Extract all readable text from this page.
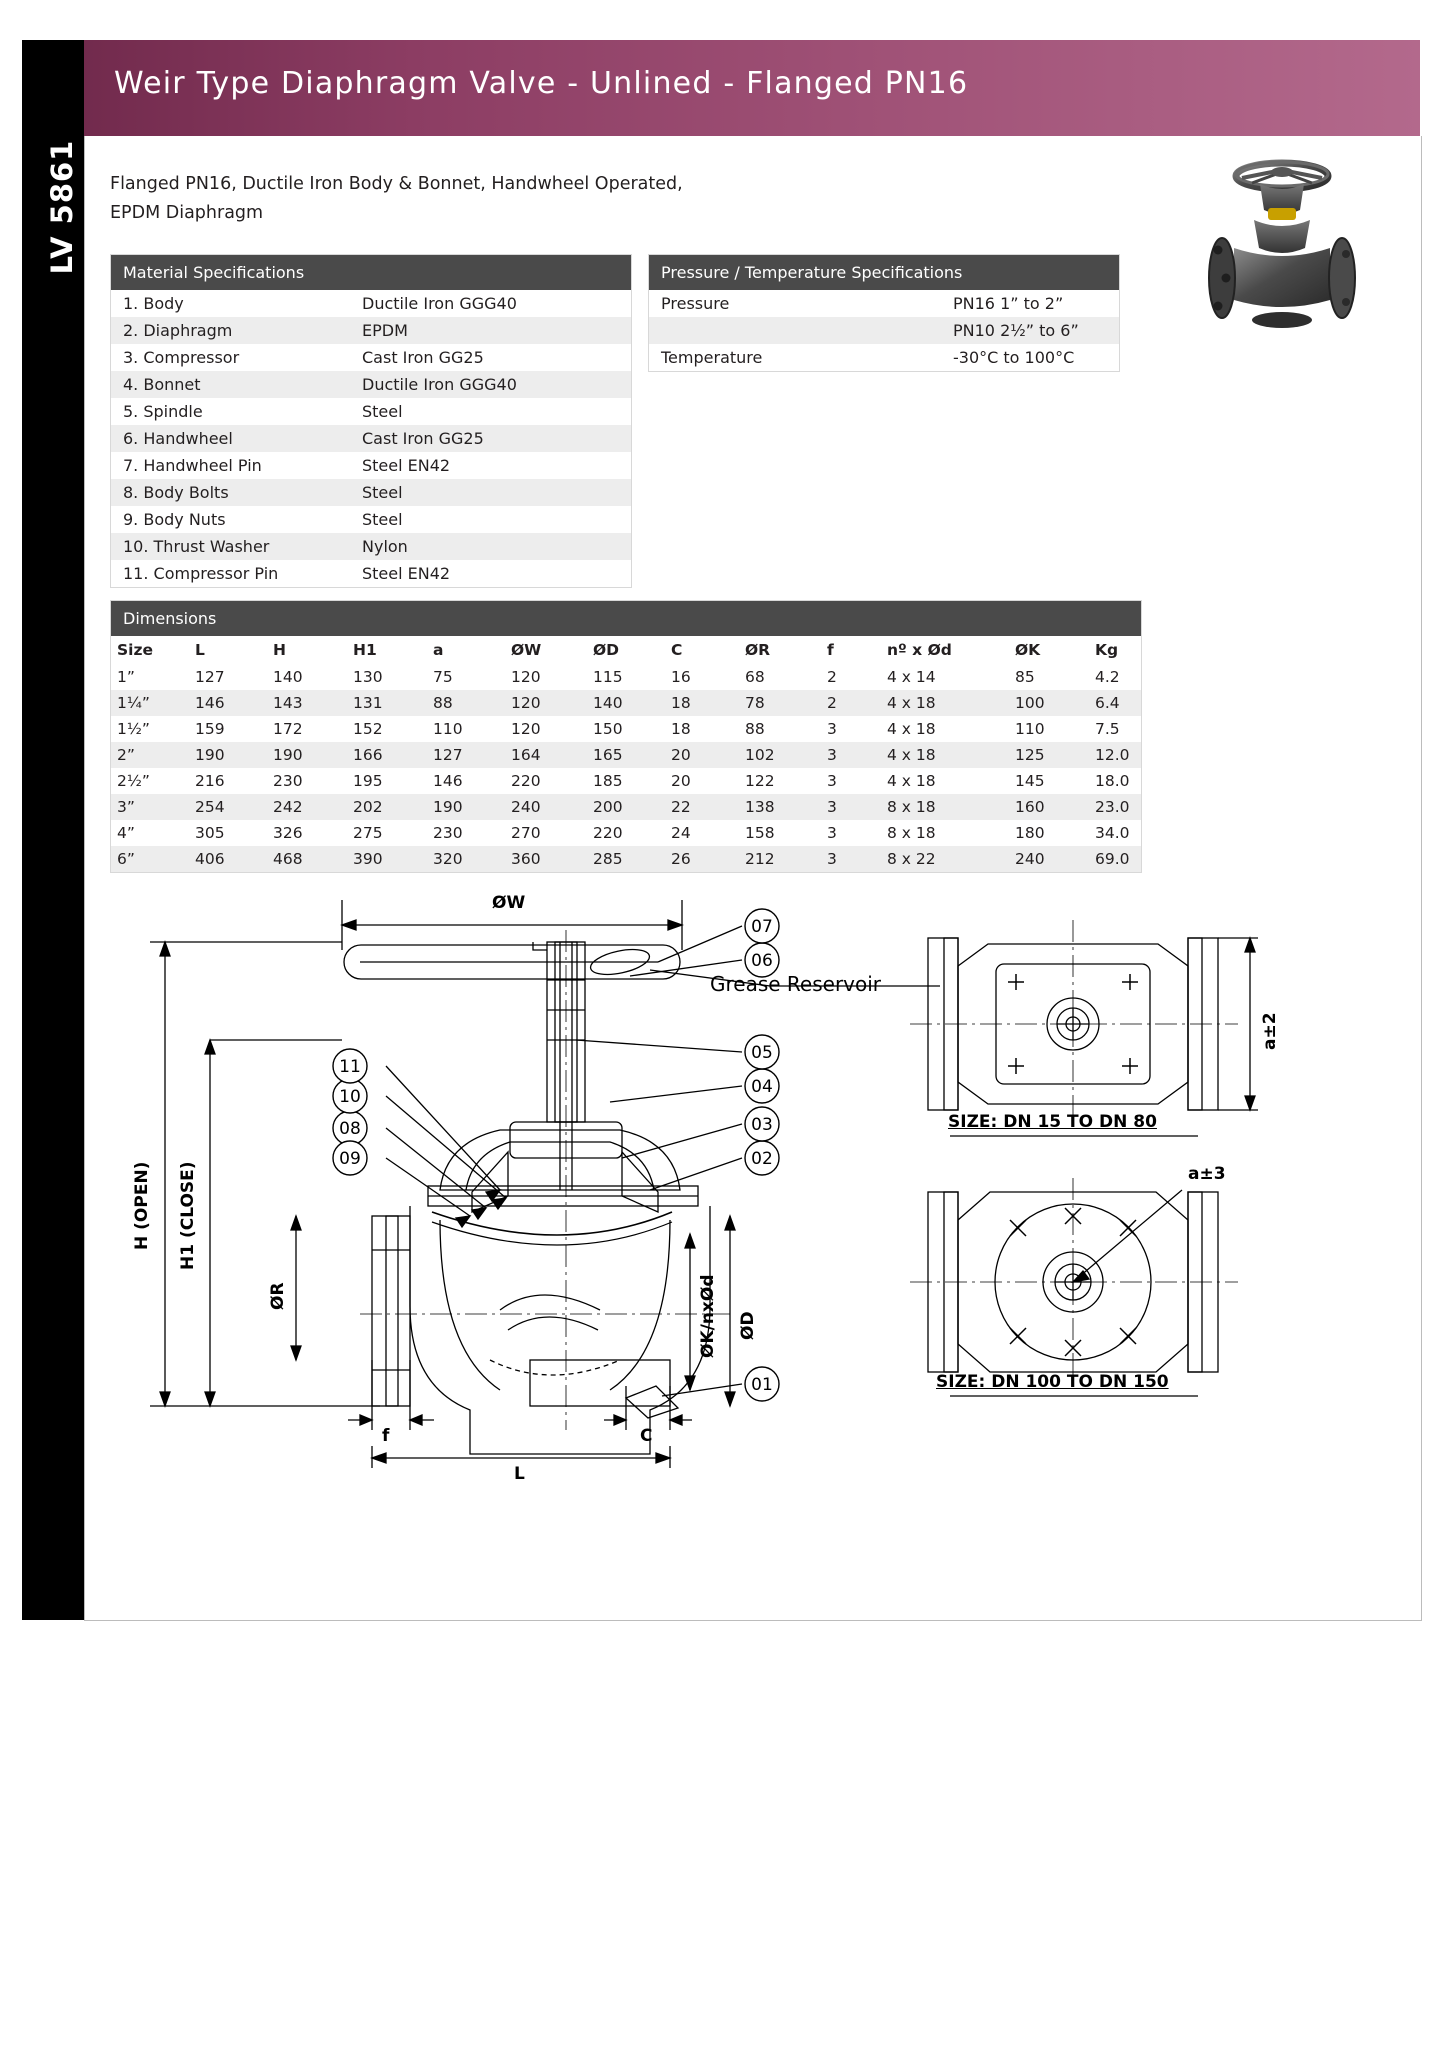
Weir Type Diaphragm Valve - Unlined - Flanged PN16
LV 5861 Flanged PN16, Ductile Iron Body & Bonnet, Handwheel Operated,
EPDM Diaphragm
Material Specifications
1. Body	Ductile Iron GGG40
2. Diaphragm	EPDM
3. Compressor	Cast Iron GG25
4. Bonnet	Ductile Iron GGG40
5. Spindle	Steel
6. Handwheel	Cast Iron GG25
7. Handwheel Pin	Steel EN42
8. Body Bolts	Steel
9. Body Nuts	Steel
10. Thrust Washer	Nylon
11. Compressor Pin	Steel EN42
Pressure / Temperature Specifications
Pressure	PN16 1” to 2”
	PN10 2½” to 6”
Temperature	-30°C to 100°C
Dimensions
Size	L	H	H1	a	ØW	ØD	C	ØR	f	nº x Ød	ØK	Kg
1”	127	140	130	75	120	115	16	68	2	4 x 14	85	4.2
1¼”	146	143	131	88	120	140	18	78	2	4 x 18	100	6.4
1½”	159	172	152	110	120	150	18	88	3	4 x 18	110	7.5
2”	190	190	166	127	164	165	20	102	3	4 x 18	125	12.0
2½”	216	230	195	146	220	185	20	122	3	4 x 18	145	18.0
3”	254	242	202	190	240	200	22	138	3	8 x 18	160	23.0
4”	305	326	275	230	270	220	24	158	3	8 x 18	180	34.0
6”	406	468	390	320	360	285	26	212	3	8 x 22	240	69.0
01
02
03
04
05
06
07
08
09
10
11
ØW
Grease Reservoir
H (OPEN) H1 (CLOSE)
ØR
ØD
ØK/nxØd
f	C
L
a±2
a±3
SIZE: DN 15 TO DN 80
SIZE: DN 100 TO DN 150
